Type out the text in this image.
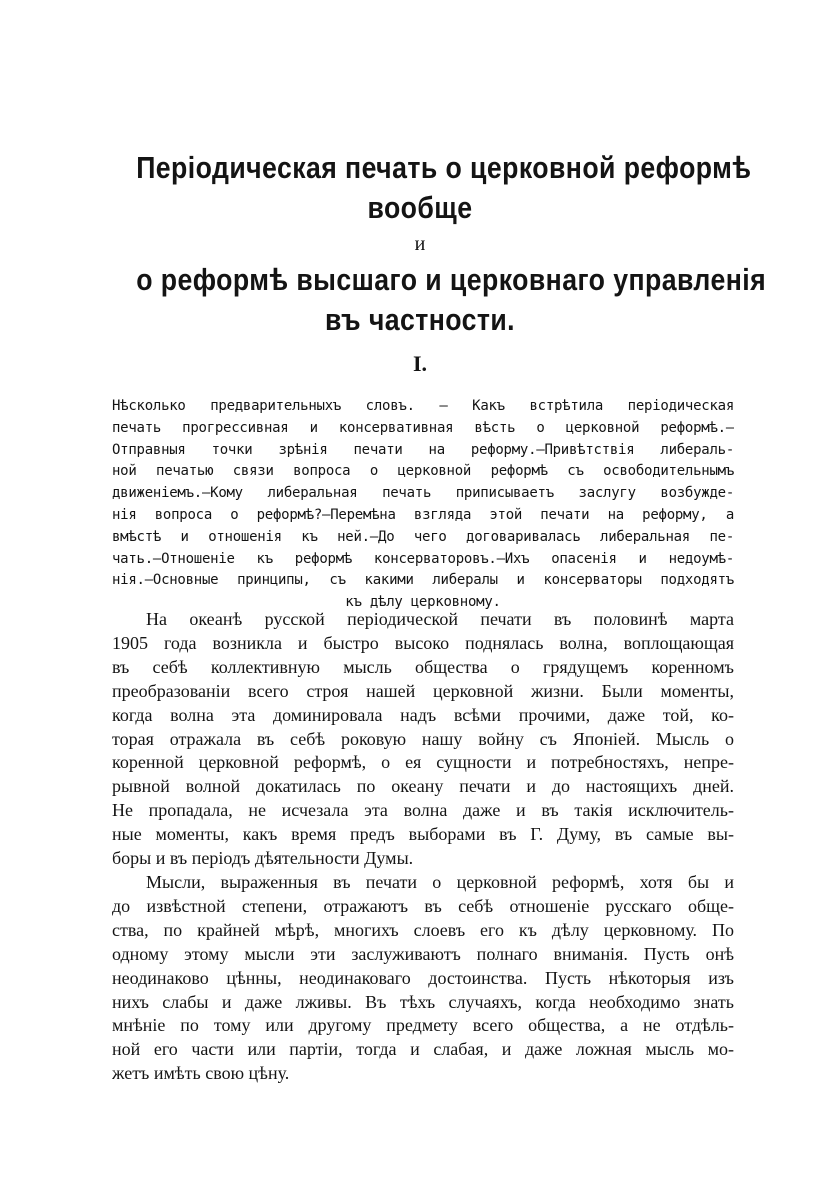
Періодическая печать о церковной реформѣ
вообще
и
о реформѣ высшаго и церковнаго управленія
въ частности.
I.
Нѣсколько предварительныхъ словъ. — Какъ встрѣтила періодическая
печать прогрессивная и консервативная вѣсть о церковной реформѣ.—
Отправныя точки зрѣнія печати на реформу.—Привѣтствія либераль-
ной печатью связи вопроса о церковной реформѣ съ освободительнымъ
движеніемъ.—Кому либеральная печать приписываетъ заслугу возбужде-
нія вопроса о реформѣ?—Перемѣна взгляда этой печати на реформу, а
вмѣстѣ и отношенія къ ней.—До чего договаривалась либеральная пе-
чать.—Отношеніе къ реформѣ консерваторовъ.—Ихъ опасенія и недоумѣ-
нія.—Основные принципы, съ какими либералы и консерваторы подходятъ
къ дѣлу церковному.
На океанѣ русской періодической печати въ половинѣ марта
1905 года возникла и быстро высоко поднялась волна, воплощающая
въ себѣ коллективную мысль общества о грядущемъ коренномъ
преобразованіи всего строя нашей церковной жизни. Были моменты,
когда волна эта доминировала надъ всѣми прочими, даже той, ко-
торая отражала въ себѣ роковую нашу войну съ Японіей. Мысль о
коренной церковной реформѣ, о ея сущности и потребностяхъ, непре-
рывной волной докатилась по океану печати и до настоящихъ дней.
Не пропадала, не исчезала эта волна даже и въ такія исключитель-
ные моменты, какъ время предъ выборами въ Г. Думу, въ самые вы-
боры и въ періодъ дѣятельности Думы.
Мысли, выраженныя въ печати о церковной реформѣ, хотя бы и
до извѣстной степени, отражаютъ въ себѣ отношеніе русскаго обще-
ства, по крайней мѣрѣ, многихъ слоевъ его къ дѣлу церковному. По
одному этому мысли эти заслуживаютъ полнаго вниманія. Пусть онѣ
неодинаково цѣнны, неодинаковаго достоинства. Пусть нѣкоторыя изъ
нихъ слабы и даже лживы. Въ тѣхъ случаяхъ, когда необходимо знать
мнѣніе по тому или другому предмету всего общества, а не отдѣль-
ной его части или партіи, тогда и слабая, и даже ложная мысль мо-
жетъ имѣть свою цѣну.
